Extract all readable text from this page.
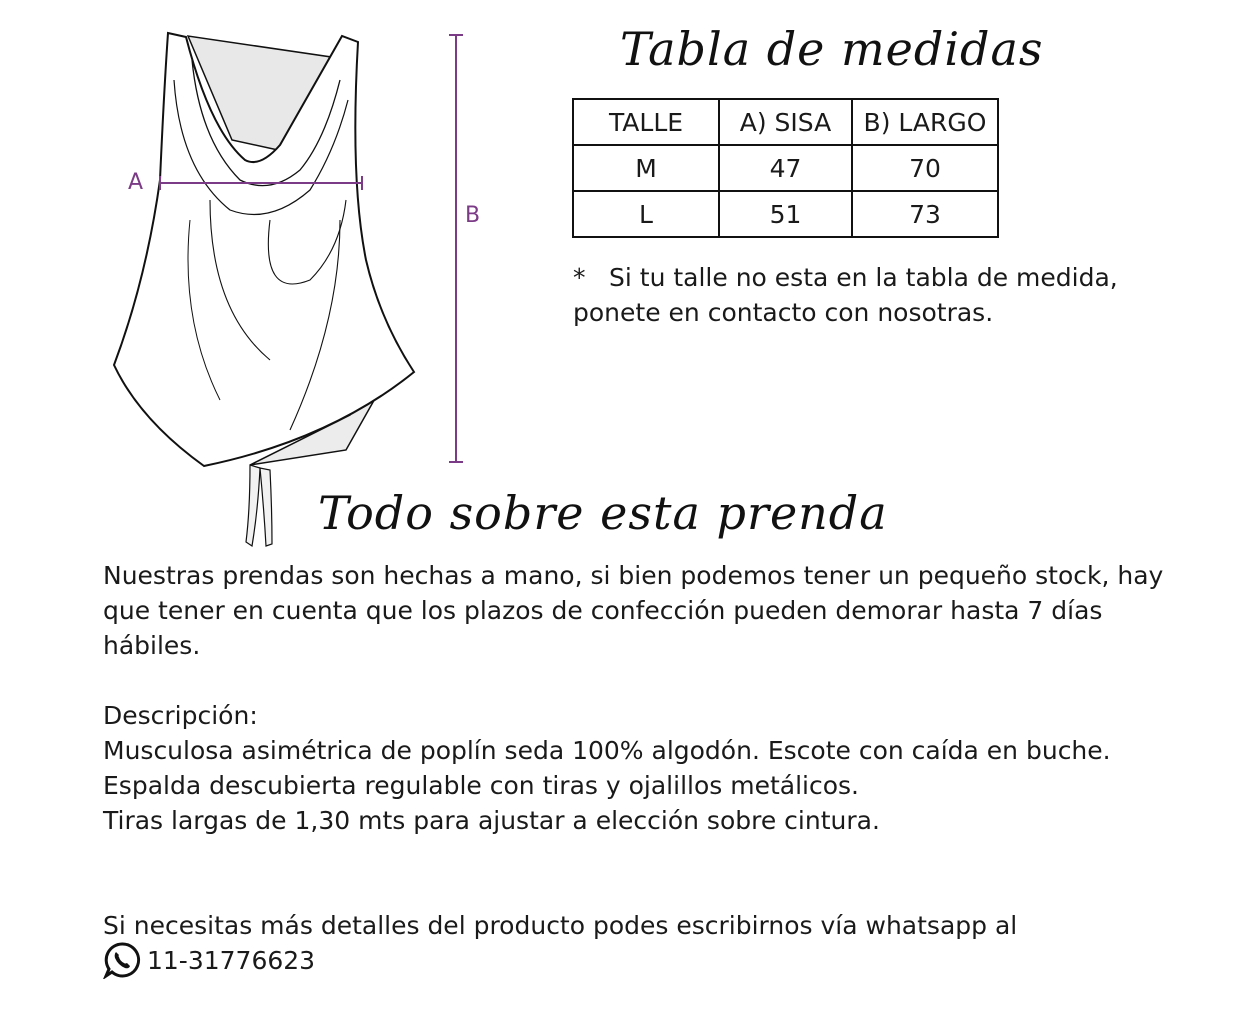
A
B
Tabla de medidas
TALLE	A) SISA	B) LARGO
M	47	70
L	51	73
* Si tu talle no esta en la tabla de medida,
ponete en contacto con nosotras.
Todo sobre esta prenda
Nuestras prendas son hechas a mano, si bien podemos tener un pequeño stock, hay
que tener en cuenta que los plazos de confección pueden demorar hasta 7 días
hábiles.
Descripción:
Musculosa asimétrica de poplín seda 100% algodón. Escote con caída en buche.
Espalda descubierta regulable con tiras y ojalillos metálicos.
Tiras largas de 1,30 mts para ajustar a elección sobre cintura.
Si necesitas más detalles del producto podes escribirnos vía whatsapp al
11-31776623
